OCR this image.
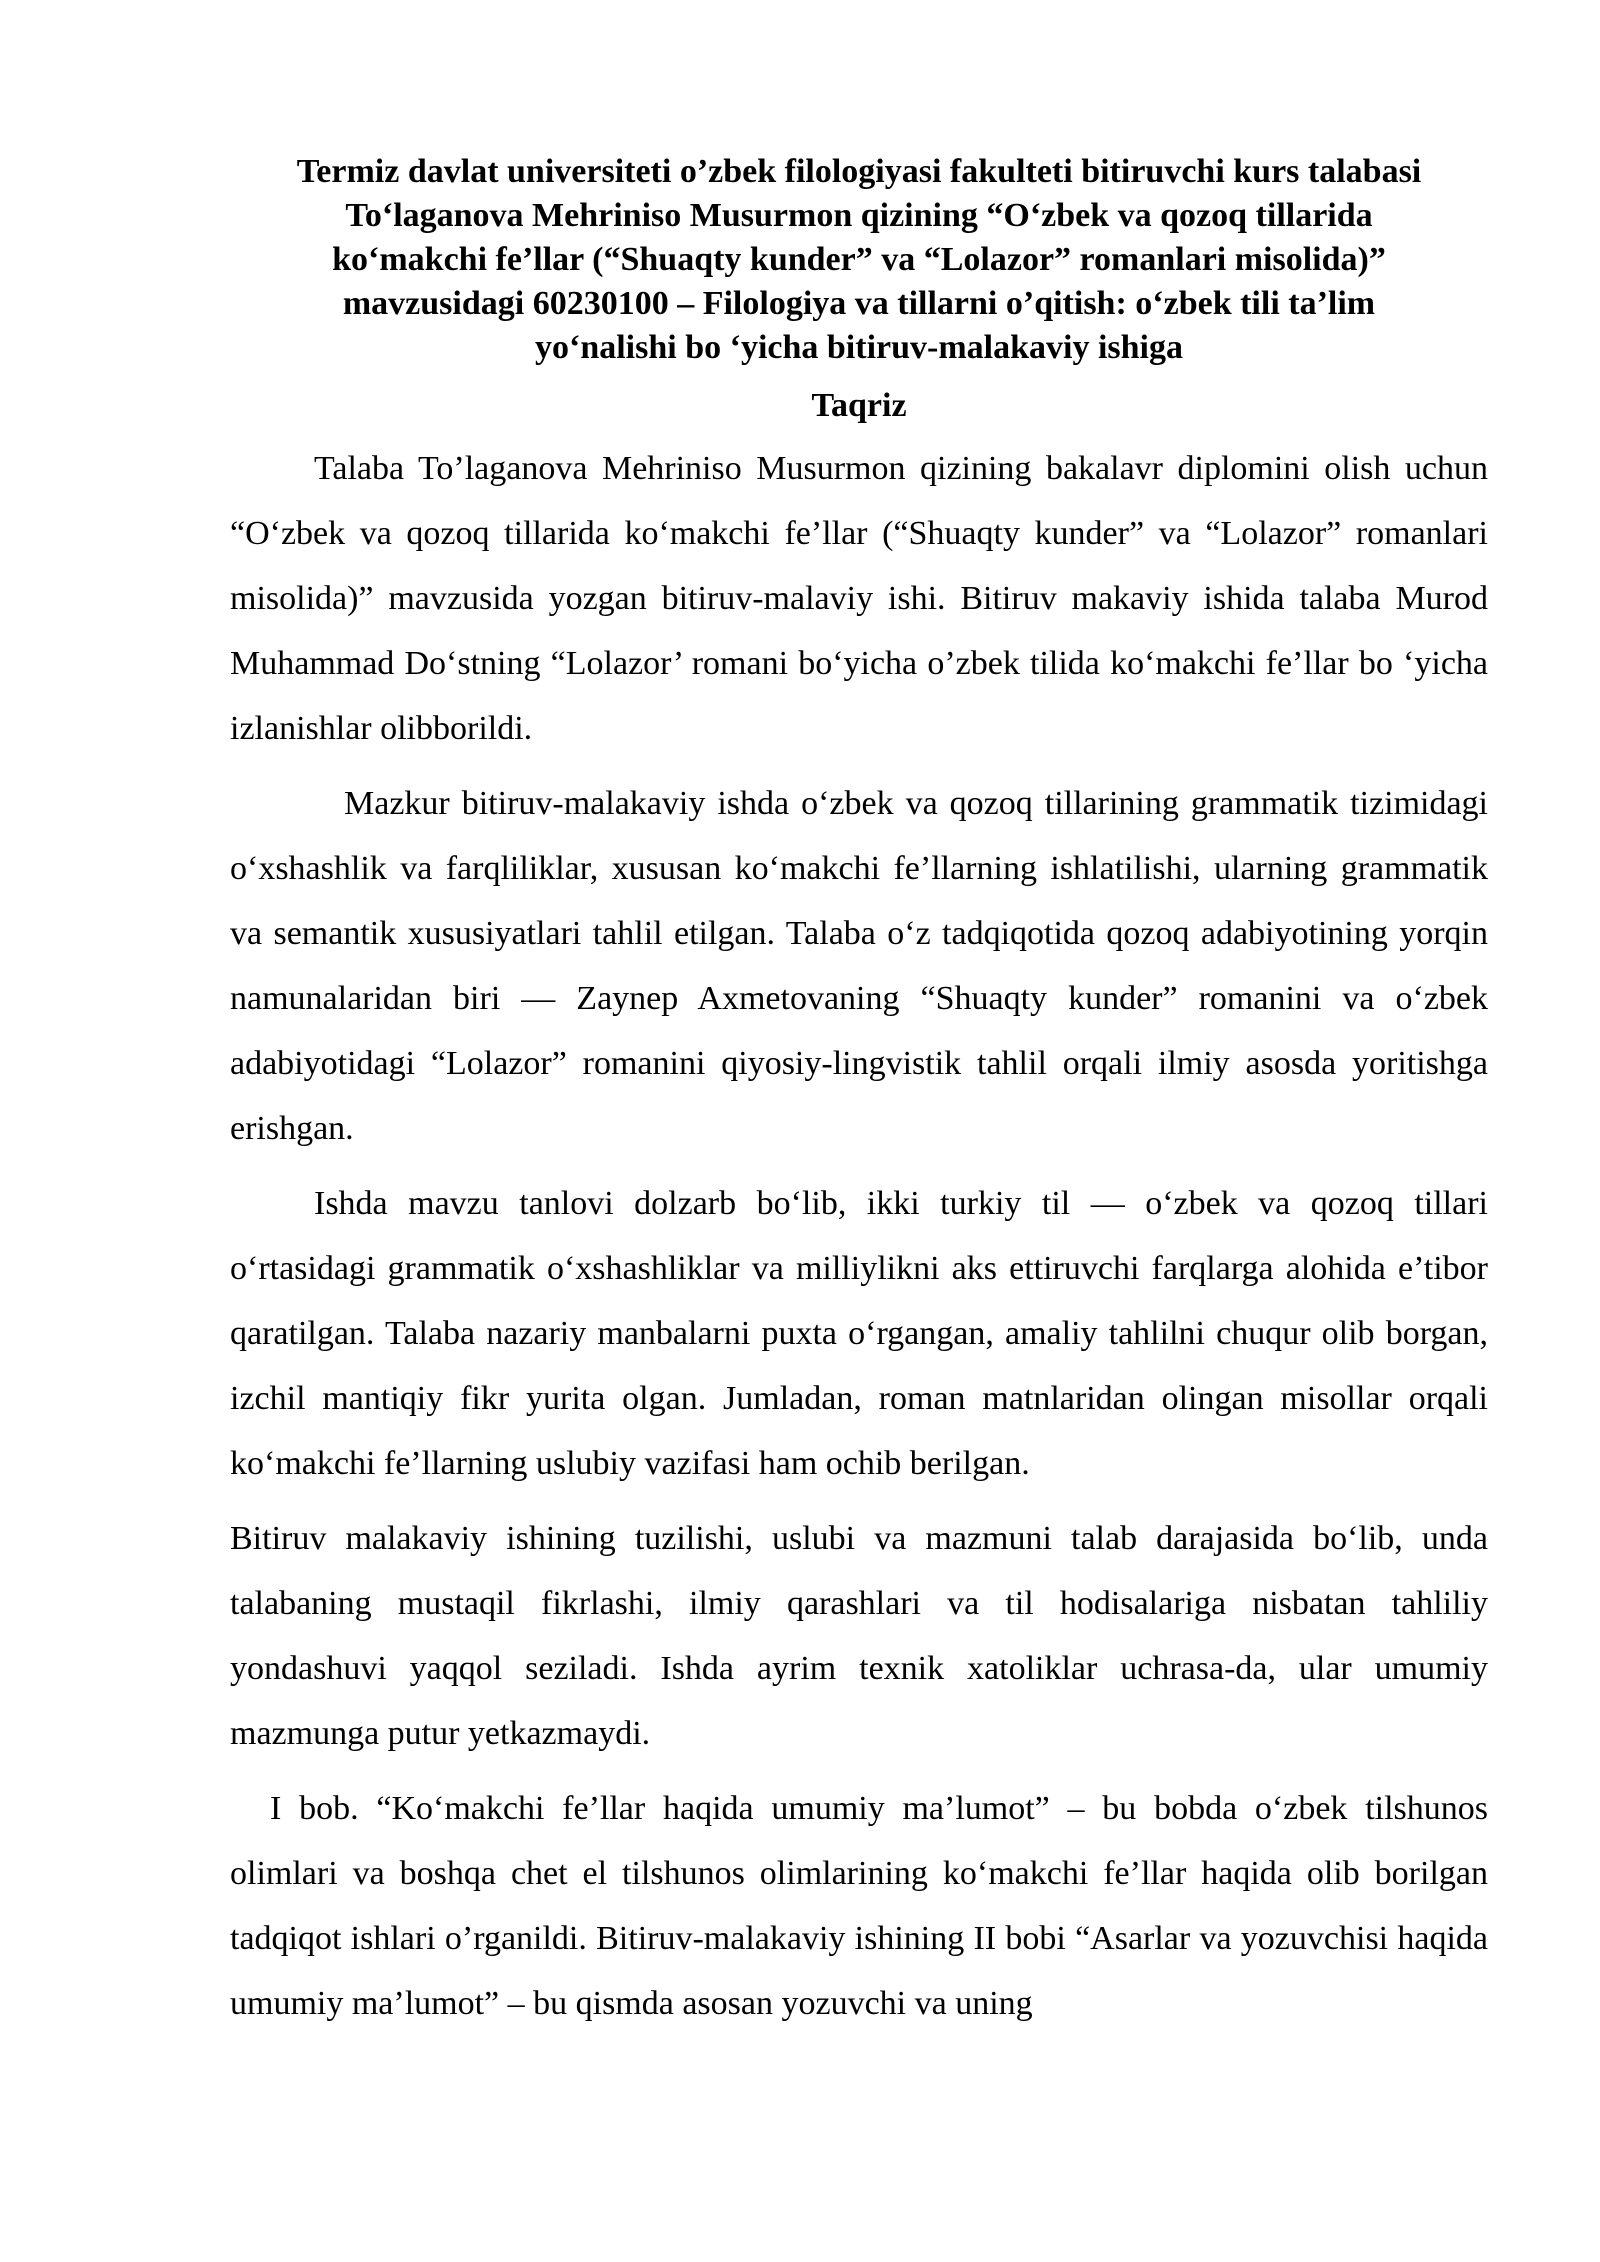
Termiz davlat universiteti o’zbek filologiyasi fakulteti bitiruvchi kurs talabasi
To‘laganova Mehriniso Musurmon qizining “O‘zbek va qozoq tillarida
ko‘makchi fe’llar (“Shuaqty kunder” va “Lolazor” romanlari misolida)”
mavzusidagi 60230100 – Filologiya va tillarni o’qitish: o‘zbek tili ta’lim
yo‘nalishi bo ‘yicha bitiruv-malakaviy ishiga
Taqriz

Talaba To’laganova Mehriniso Musurmon qizining bakalavr diplomini olish uchun “O‘zbek va qozoq tillarida ko‘makchi fe’llar (“Shuaqty kunder” va “Lolazor” romanlari misolida)” mavzusida yozgan bitiruv-malaviy ishi. Bitiruv makaviy ishida talaba Murod Muhammad Do‘stning “Lolazor’ romani bo‘yicha o’zbek tilida ko‘makchi fe’llar bo ‘yicha izlanishlar olibborildi.

Mazkur bitiruv-malakaviy ishda o‘zbek va qozoq tillarining grammatik tizimidagi o‘xshashlik va farqliliklar, xususan ko‘makchi fe’llarning ishlatilishi, ularning grammatik va semantik xususiyatlari tahlil etilgan. Talaba o‘z tadqiqotida qozoq adabiyotining yorqin namunalaridan biri — Zaynep Axmetovaning “Shuaqty kunder” romanini va o‘zbek adabiyotidagi “Lolazor” romanini qiyosiy-lingvistik tahlil orqali ilmiy asosda yoritishga erishgan.

Ishda mavzu tanlovi dolzarb bo‘lib, ikki turkiy til — o‘zbek va qozoq tillari o‘rtasidagi grammatik o‘xshashliklar va milliylikni aks ettiruvchi farqlarga alohida e’tibor qaratilgan. Talaba nazariy manbalarni puxta o‘rgangan, amaliy tahlilni chuqur olib borgan, izchil mantiqiy fikr yurita olgan. Jumladan, roman matnlaridan olingan misollar orqali ko‘makchi fe’llarning uslubiy vazifasi ham ochib berilgan.

Bitiruv malakaviy ishining tuzilishi, uslubi va mazmuni talab darajasida bo‘lib, unda talabaning mustaqil fikrlashi, ilmiy qarashlari va til hodisalariga nisbatan tahliliy yondashuvi yaqqol seziladi. Ishda ayrim texnik xatoliklar uchrasa-da, ular umumiy mazmunga putur yetkazmaydi.

I bob. “Ko‘makchi fe’llar haqida umumiy ma’lumot” – bu bobda o‘zbek tilshunos olimlari va boshqa chet el tilshunos olimlarining ko‘makchi fe’llar haqida olib borilgan tadqiqot ishlari o’rganildi. Bitiruv-malakaviy ishining II bobi “Asarlar va yozuvchisi haqida umumiy ma’lumot” – bu qismda asosan yozuvchi va uning
